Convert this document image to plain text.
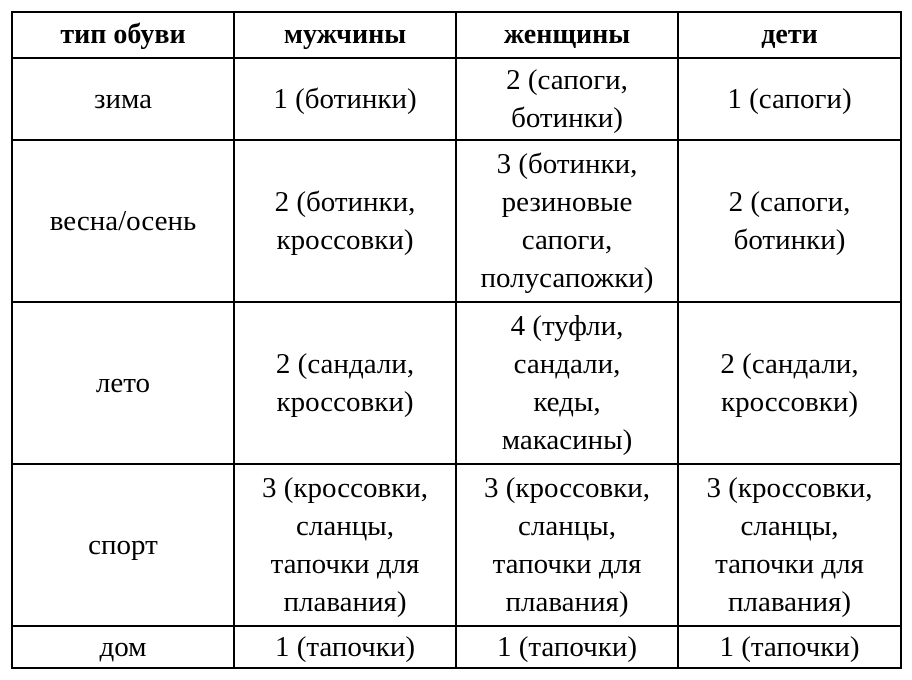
тип обуви	мужчины	женщины	дети
зима	1 (ботинки)	2 (сапоги,
ботинки)	1 (сапоги)

весна/осень	2 (ботинки,
кроссовки)	3 (ботинки,
резиновые
сапоги,
полусапожки)	2 (сапоги,
ботинки)

лето	2 (сандали,
кроссовки)	4 (туфли,
сандали,
кеды,
макасины)	2 (сандали,
кроссовки)

спорт	3 (кроссовки,
сланцы,
тапочки для
плавания)	3 (кроссовки,
сланцы,
тапочки для
плавания)	3 (кроссовки,
сланцы,
тапочки для
плавания)

дом	1 (тапочки)	1 (тапочки)	1 (тапочки)
